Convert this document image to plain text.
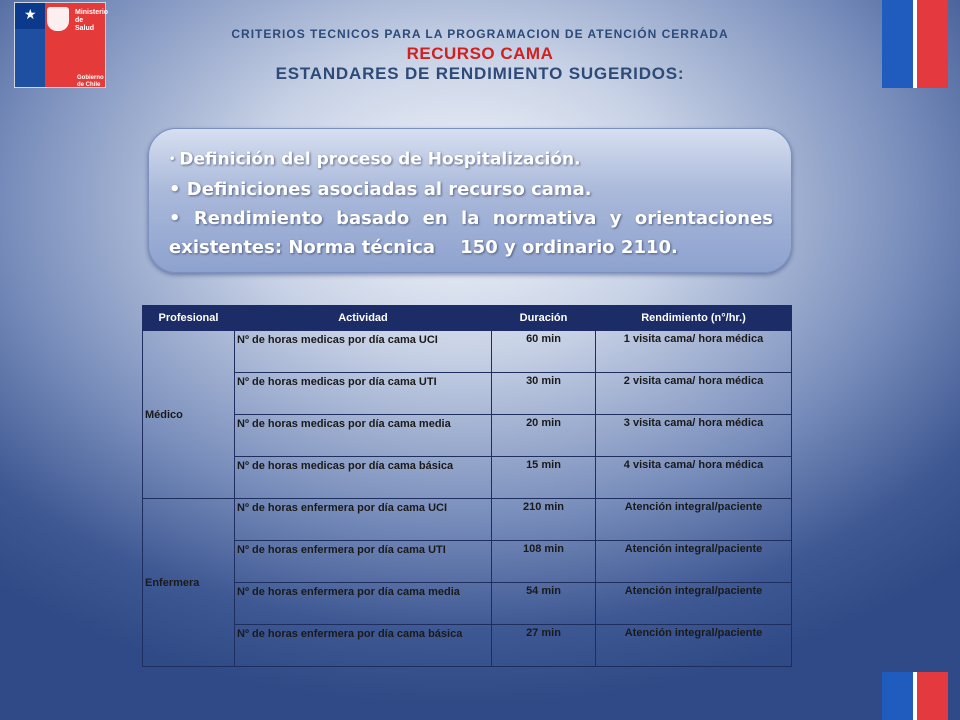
★	Ministerio de
Salud
Gobierno de Chile
CRITERIOS TECNICOS PARA LA PROGRAMACION DE ATENCIÓN CERRADA
RECURSO CAMA
ESTANDARES DE RENDIMIENTO SUGERIDOS:

• Definición del proceso de Hospitalización.

• Definiciones asociadas al recurso cama.

• Rendimiento basado en la normativa y orientaciones existentes: Norma técnica    150 y ordinario 2110.

Profesional	Actividad	Duración	Rendimiento (n°/hr.)
Médico	Nº de horas medicas por día cama UCI	60 min	1 visita cama/ hora médica
	Nº de horas medicas por día cama UTI	30 min	2 visita cama/ hora médica
	Nº de horas medicas por día cama media	20 min	3 visita cama/ hora médica
	Nº de horas medicas por día cama básica	15 min	4 visita cama/ hora médica
Enfermera	Nº de horas enfermera por día cama UCI	210 min	Atención integral/paciente
	Nº de horas enfermera por día cama UTI	108 min	Atención integral/paciente
	Nº de horas enfermera por día cama media	54 min	Atención integral/paciente
	Nº de horas enfermera por día cama básica	27 min	Atención integral/paciente
